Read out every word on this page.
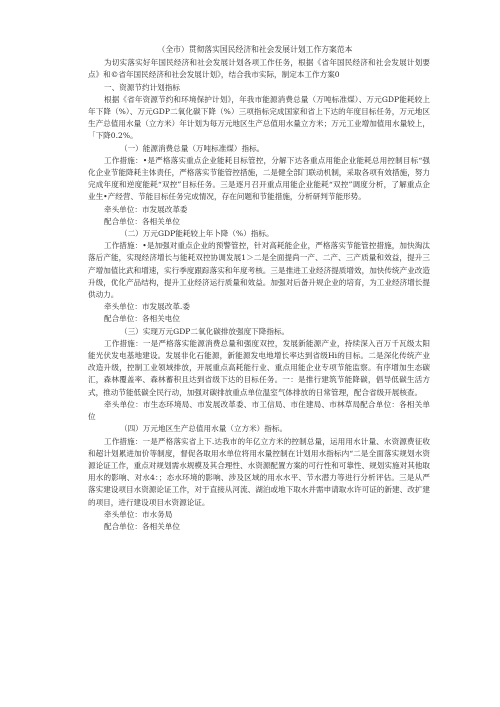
（全市）贯彻落实国民经济和社会发展计划工作方案范本

为切实落实好年国民经济和社会发展计划各项工作任务，根据《省年国民经济和社会发展计划要点》和©省年国民经济和社会发展计划》，结合我市实际，制定本工作方案0

一、资源节约计划指标

根据《省年资源节约和环境保护计划》，年我市能源消费总量（万吨标准煤）、万元GDP能耗较上年下降（%）、万元GDP二氧化碳下降（%）三项指标完成国家和省上下达的年度目标任务，万元地区生产总值用水量（立方米）年计划为每万元地区生产总值用水量立方米；万元工业增加值用水量较上，「下降0.2%。

（一）能源消费总量（万吨标准煤）指标。

工作措施：•是严格落实重点企业能耗目标管控，分解下达各重点用能企业能耗总用控制目标“强化企业节能降耗主体责任，严格落实节能管控措施，二是健全部门联动机制，采取各项有效措施，努力完成年度和逆度能耗“双控”目标任务。三是逐月召开重点用能企业能耗“双控”调度分析，了解重点企业生•产经营、节能目标任务完成情况，存在问题和节能措施，分析研判节能形势。

牵头单位：市发展改革委

配合单位：各相关单位

（二）万元GDP能耗较上年卜降（%）指标。

工作措施：•是加强对重点企业的预警管控，针对高耗能企业，严格落实节能管控措施，加快淘汰落后产能，实现经济增长与能耗双控协调发展1＞二是全面提尚一产、二产、三产质量和效益，提升三产增加值比武和增速，实行季度跟踪落实和年度考核。三是推进工业经济提质增效，加快传统产业改造升级，优化产品结构，提升工业经济运行质量和效益。加强对后备升规企业的培育，为工业经济增长提供动力。

牵头单位：市发展改革.委

配合单位：各相关电位

（三）实现万元GDP二氧化碳排放强度下降指标。

工作措施：一是严格落实能源消费总量和强度双控，发展新能源产业，持续深入百万千瓦级太阳能光伏发电基地建设。发展非化石能源，新能源发电地增长率达到省级Hi的目标。二是深化传统产业改造升级，控制工业领域排放，开展重点高耗能行业、重点用能企业专项节能监察。有序增加生态碳汇，森林覆盖率、森林蓄积且达到省级下达的目标任务。一：是推行建筑节能降碳，倡导低碳生活方式，推动节能低碳全民行动，加强对碳排放重点单位温室气体排放的日常管理，配合省级开展核查。

牵头单位：市生态环境局、市发展改革委、市工信局、市住建局、市林草局配合单位：各相关单位

（四）万元地区生产总值用水量（立方米）指标。

工作措施：一是严格落实省上下.达我市的年亿立方米的控制总量，运用用水计量、水资源费征收和超计划累进加价等制度，督促各取用水单位将用水量控制在计划用水指标内“二是全面落实规划水资源论证工作，重点对规划需水规模及其合理性、水资源配置方案的可行性和可靠性、规划实施对其他取用水的影响、对水4：；态水环境的影响、涉及区域的用水水平、节水潜力等进行分析评估。三是从严落实建设项目水资源论证工作，对于直接从河流、湖泊或地下取水并需申请取水许可证的新建、改扩建的项目，进行建设项目水资源论证。

牵头单位：市水务局

配合单位：各相关单位
